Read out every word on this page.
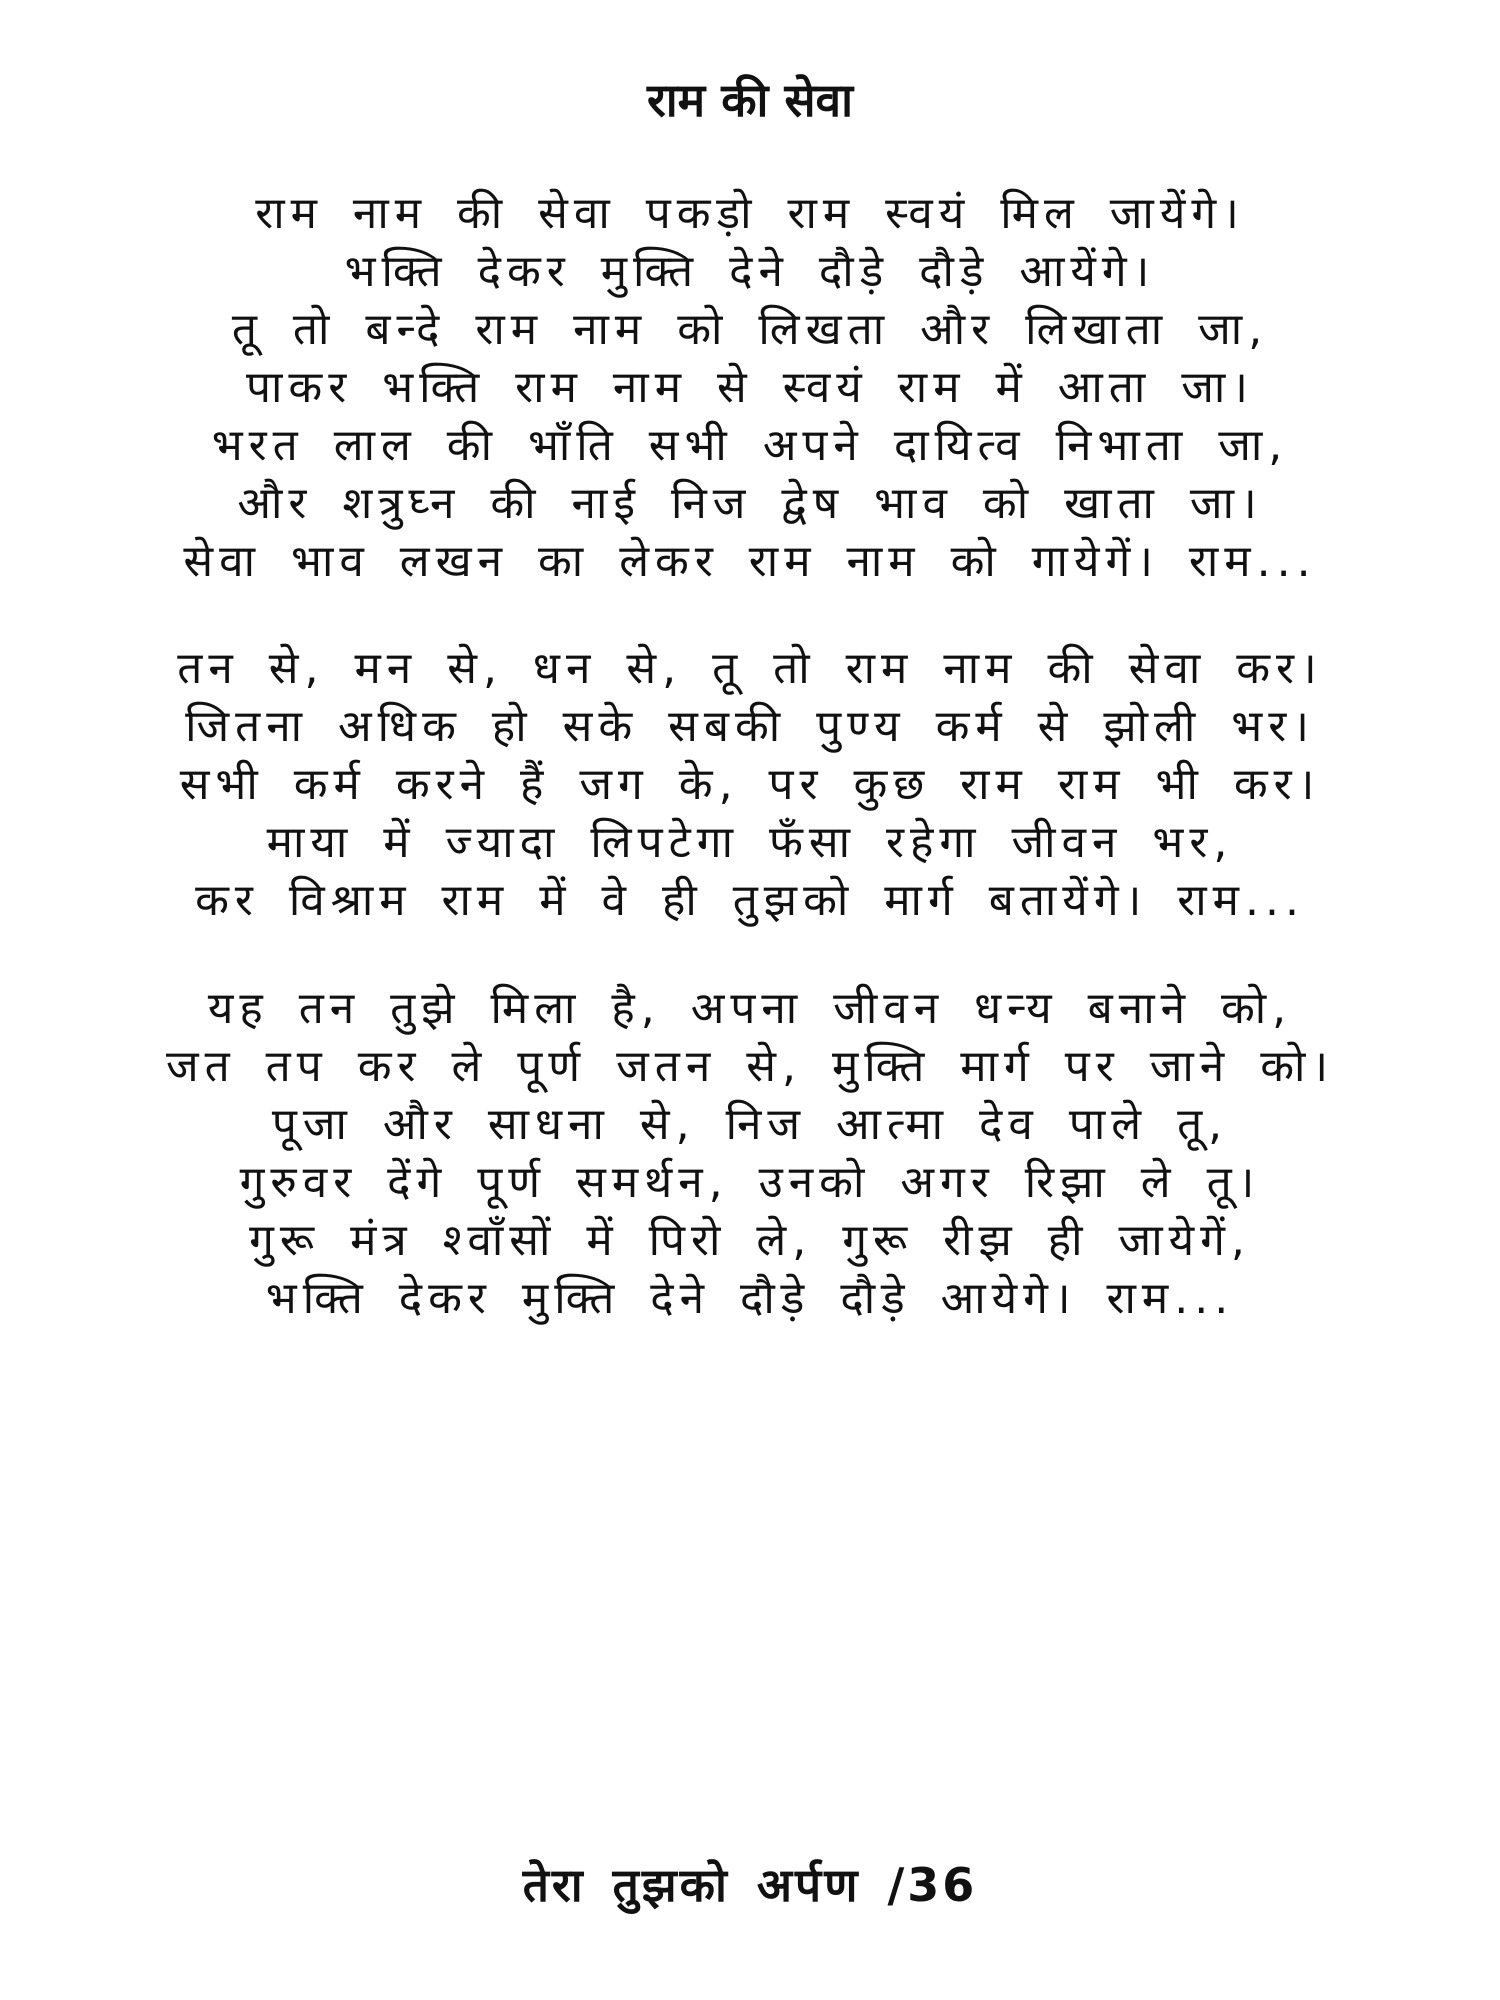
राम की सेवा
राम नाम की सेवा पकड़ो राम स्वयं मिल जायेंगे।
भक्ति देकर मुक्ति देने दौड़े दौड़े आयेंगे।
तू तो बन्दे राम नाम को लिखता और लिखाता जा,
पाकर भक्ति राम नाम से स्वयं राम में आता जा।
भरत लाल की भाँति सभी अपने दायित्व निभाता जा,
और शत्रुघ्न की नाई निज द्वेष भाव को खाता जा।
सेवा भाव लखन का लेकर राम नाम को गायेगें। राम...
तन से, मन से, धन से, तू तो राम नाम की सेवा कर।
जितना अधिक हो सके सबकी पुण्य कर्म से झोली भर।
सभी कर्म करने हैं जग के, पर कुछ राम राम भी कर।
माया में ज्यादा लिपटेगा फँसा रहेगा जीवन भर,
कर विश्राम राम में वे ही तुझको मार्ग बतायेंगे। राम...
यह तन तुझे मिला है, अपना जीवन धन्य बनाने को,
जत तप कर ले पूर्ण जतन से, मुक्ति मार्ग पर जाने को।
पूजा और साधना से, निज आत्मा देव पाले तू,
गुरुवर देंगे पूर्ण समर्थन, उनको अगर रिझा ले तू।
गुरू मंत्र श्वाँसों में पिरो ले, गुरू रीझ ही जायेगें,
भक्ति देकर मुक्ति देने दौड़े दौड़े आयेगे। राम...
तेरा तुझको अर्पण /36
